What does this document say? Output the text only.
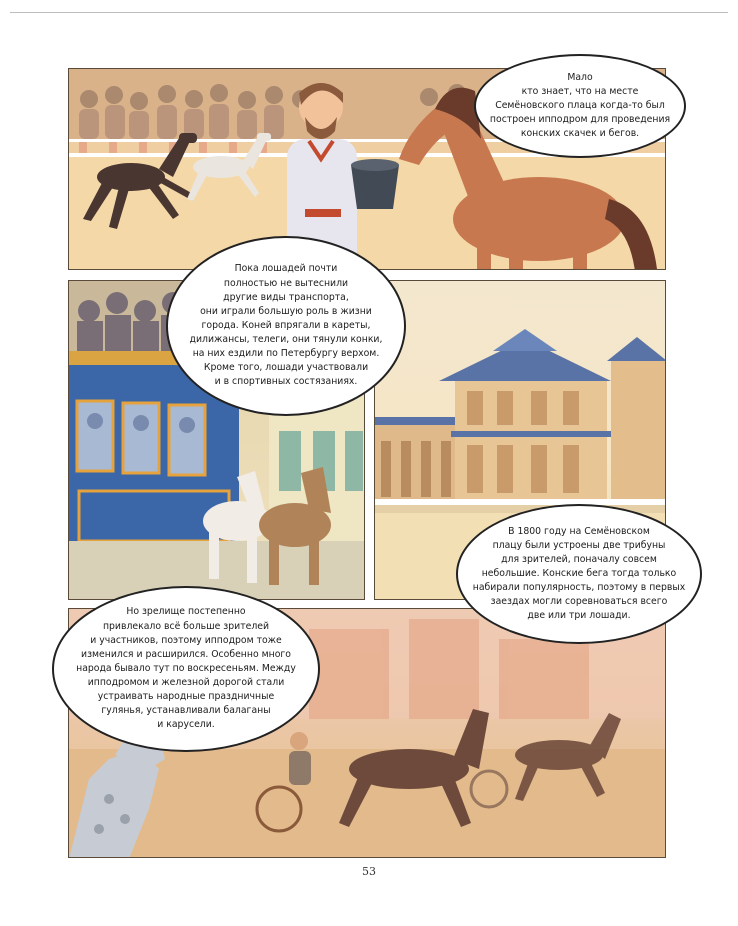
Мало
кто знает, что на месте
Семёновского плаца когда-то был
построен ипподром для проведения
конских скачек и бегов.
Пока лошадей почти
полностью не вытеснили
другие виды транспорта,
они играли большую роль в жизни
города. Коней впрягали в кареты,
дилижансы, телеги, они тянули конки,
на них ездили по Петербургу верхом.
Кроме того, лошади участвовали
и в спортивных состязаниях.
В 1800 году на Семёновском
плацу были устроены две трибуны
для зрителей, поначалу совсем
небольшие. Конские бега тогда только
набирали популярность, поэтому в первых
заездах могли соревноваться всего
две или три лошади.
Но зрелище постепенно
привлекало всё больше зрителей
и участников, поэтому ипподром тоже
изменился и расширился. Особенно много
народа бывало тут по воскресеньям. Между
ипподромом и железной дорогой стали
устраивать народные праздничные
гулянья, устанавливали балаганы
и карусели.
53
